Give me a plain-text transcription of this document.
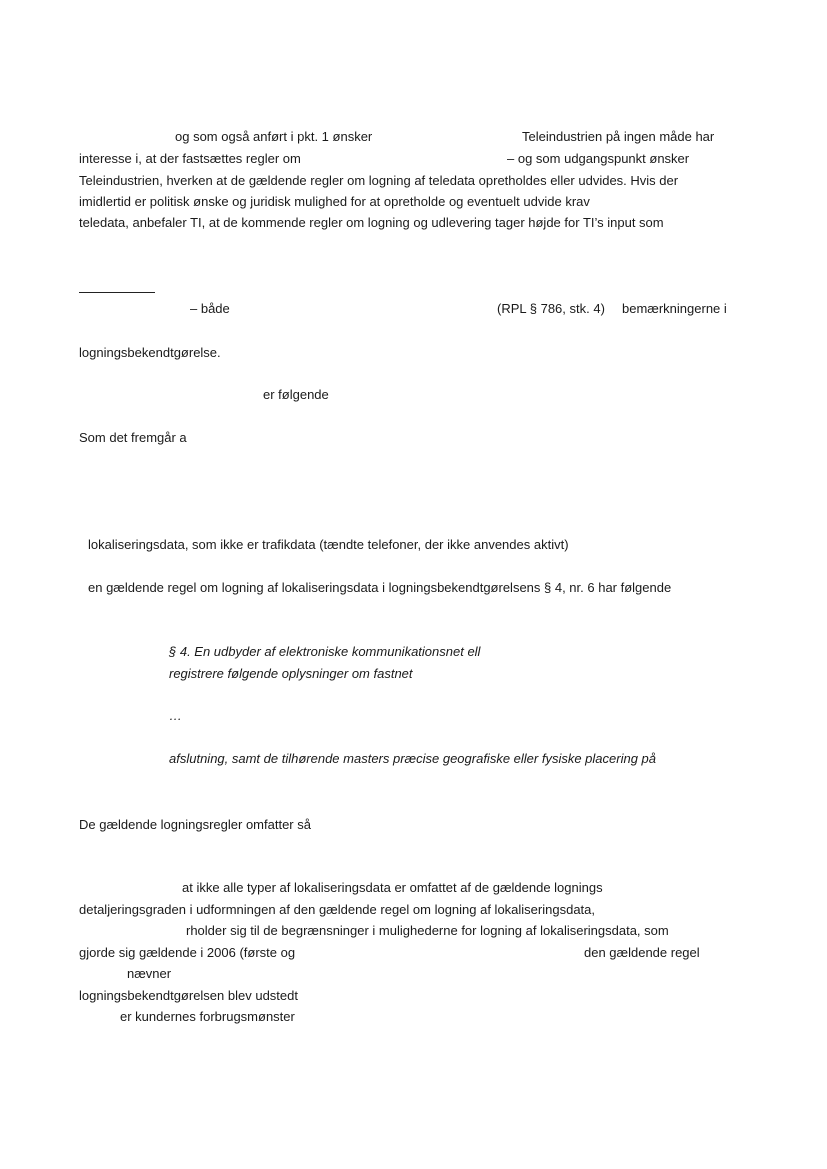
og som også anført i pkt. 1 ønsker	Teleindustrien på ingen måde har
interesse i, at der fastsættes regler om	– og som udgangspunkt ønsker
Teleindustrien, hverken at de gældende regler om logning af teledata opretholdes eller udvides. Hvis der
imidlertid er politisk ønske og juridisk mulighed for at opretholde og eventuelt udvide krav
teledata, anbefaler TI, at de kommende regler om logning og udlevering tager højde for TI’s input som
– både	(RPL § 786, stk. 4) bemærkningerne i
logningsbekendtgørelse.
er følgende
Som det fremgår a
lokaliseringsdata, som ikke er trafikdata (tændte telefoner, der ikke anvendes aktivt)
en gældende regel om logning af lokaliseringsdata i logningsbekendtgørelsens § 4, nr. 6 har følgende
§ 4. En udbyder af elektroniske kommunikationsnet ell
registrere følgende oplysninger om fastnet
…
afslutning, samt de tilhørende masters præcise geografiske eller fysiske placering på
De gældende logningsregler omfatter så
at ikke alle typer af lokaliseringsdata er omfattet af de gældende lognings
detaljeringsgraden i udformningen af den gældende regel om logning af lokaliseringsdata,
rholder sig til de begrænsninger i mulighederne for logning af lokaliseringsdata, som
gjorde sig gældende i 2006 (første og	den gældende regel
nævner
logningsbekendtgørelsen blev udstedt
er kundernes forbrugsmønster
